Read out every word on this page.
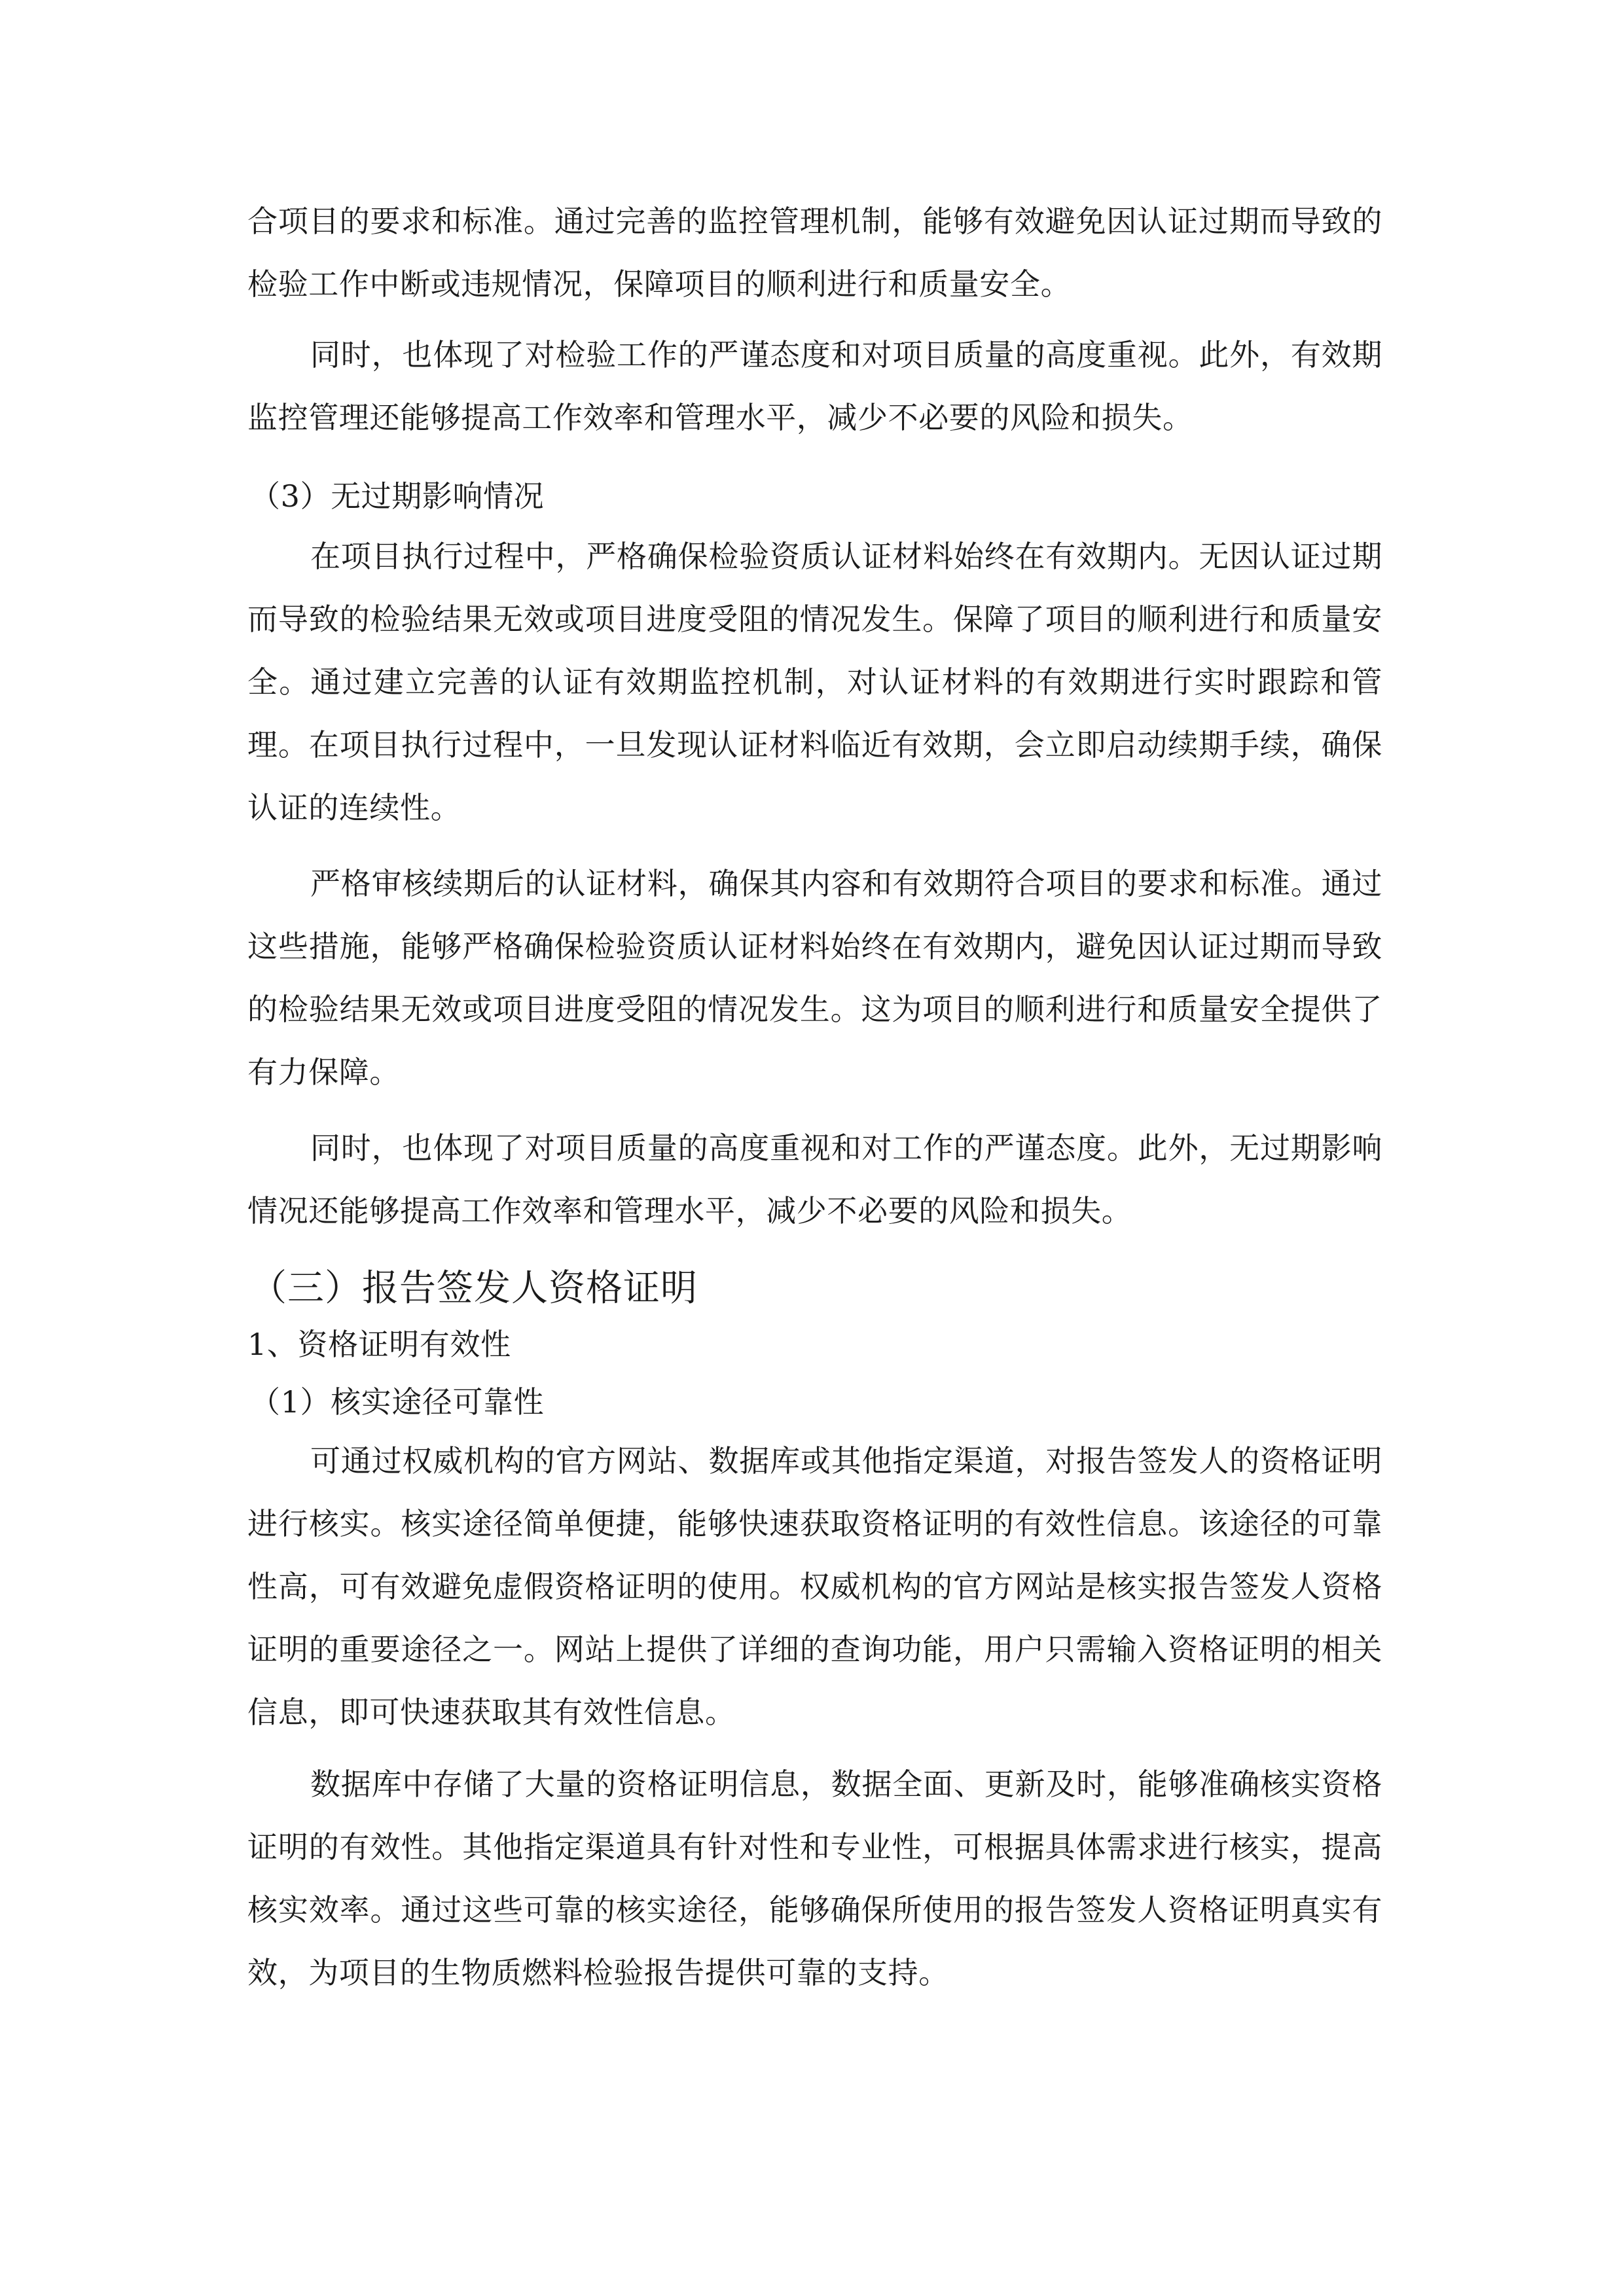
合项目的要求和标准。通过完善的监控管理机制，能够有效避免因认证过期而导致的检验工作中断或违规情况，保障项目的顺利进行和质量安全。

同时，也体现了对检验工作的严谨态度和对项目质量的高度重视。此外，有效期监控管理还能够提高工作效率和管理水平，减少不必要的风险和损失。

（3）无过期影响情况

在项目执行过程中，严格确保检验资质认证材料始终在有效期内。无因认证过期而导致的检验结果无效或项目进度受阻的情况发生。保障了项目的顺利进行和质量安全。通过建立完善的认证有效期监控机制，对认证材料的有效期进行实时跟踪和管理。在项目执行过程中，一旦发现认证材料临近有效期，会立即启动续期手续，确保认证的连续性。

严格审核续期后的认证材料，确保其内容和有效期符合项目的要求和标准。通过这些措施，能够严格确保检验资质认证材料始终在有效期内，避免因认证过期而导致的检验结果无效或项目进度受阻的情况发生。这为项目的顺利进行和质量安全提供了有力保障。

同时，也体现了对项目质量的高度重视和对工作的严谨态度。此外，无过期影响情况还能够提高工作效率和管理水平，减少不必要的风险和损失。

（三）报告签发人资格证明

1、资格证明有效性

（1）核实途径可靠性

可通过权威机构的官方网站、数据库或其他指定渠道，对报告签发人的资格证明进行核实。核实途径简单便捷，能够快速获取资格证明的有效性信息。该途径的可靠性高，可有效避免虚假资格证明的使用。权威机构的官方网站是核实报告签发人资格证明的重要途径之一。网站上提供了详细的查询功能，用户只需输入资格证明的相关信息，即可快速获取其有效性信息。

数据库中存储了大量的资格证明信息，数据全面、更新及时，能够准确核实资格证明的有效性。其他指定渠道具有针对性和专业性，可根据具体需求进行核实，提高核实效率。通过这些可靠的核实途径，能够确保所使用的报告签发人资格证明真实有效，为项目的生物质燃料检验报告提供可靠的支持。
